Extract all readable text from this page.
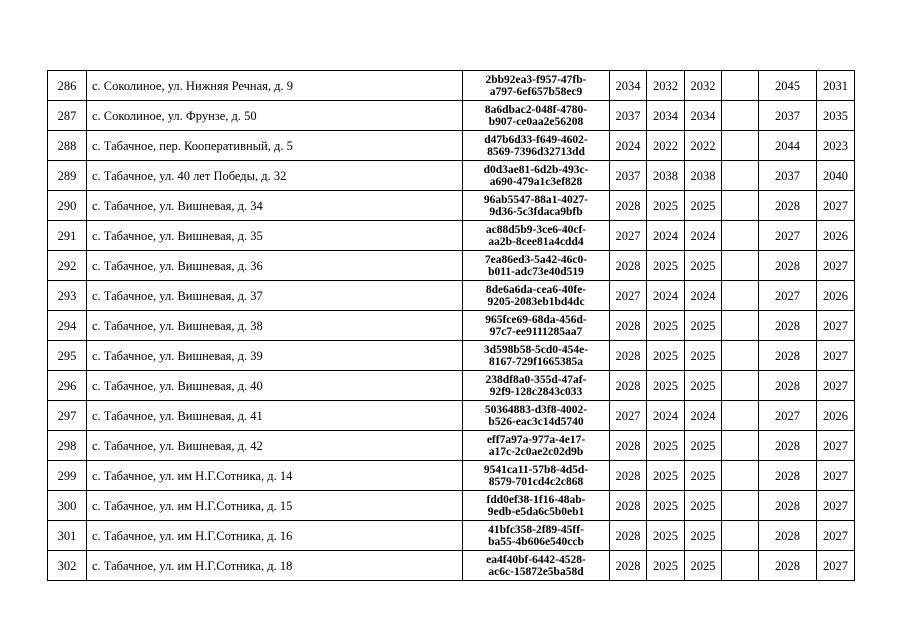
286	с. Соколиное, ул. Нижняя Речная, д. 9	2bb92ea3-f957-47fb-
a797-6ef657b58ec9	2034	2032	2032		2045	2031
287	с. Соколиное, ул. Фрунзе, д. 50	8a6dbac2-048f-4780-
b907-ce0aa2e56208	2037	2034	2034		2037	2035
288	с. Табачное, пер. Кооперативный, д. 5	d47b6d33-f649-4602-
8569-7396d32713dd	2024	2022	2022		2044	2023
289	с. Табачное, ул. 40 лет Победы, д. 32	d0d3ae81-6d2b-493c-
a690-479a1c3ef828	2037	2038	2038		2037	2040
290	с. Табачное, ул. Вишневая, д. 34	96ab5547-88a1-4027-
9d36-5c3fdaca9bfb	2028	2025	2025		2028	2027
291	с. Табачное, ул. Вишневая, д. 35	ac88d5b9-3ce6-40cf-
aa2b-8cee81a4cdd4	2027	2024	2024		2027	2026
292	с. Табачное, ул. Вишневая, д. 36	7ea86ed3-5a42-46c0-
b011-adc73e40d519	2028	2025	2025		2028	2027
293	с. Табачное, ул. Вишневая, д. 37	8de6a6da-cea6-40fe-
9205-2083eb1bd4dc	2027	2024	2024		2027	2026
294	с. Табачное, ул. Вишневая, д. 38	965fce69-68da-456d-
97c7-ee9111285aa7	2028	2025	2025		2028	2027
295	с. Табачное, ул. Вишневая, д. 39	3d598b58-5cd0-454e-
8167-729f1665385a	2028	2025	2025		2028	2027
296	с. Табачное, ул. Вишневая, д. 40	238df8a0-355d-47af-
92f9-128c2843c033	2028	2025	2025		2028	2027
297	с. Табачное, ул. Вишневая, д. 41	50364883-d3f8-4002-
b526-eac3c14d5740	2027	2024	2024		2027	2026
298	с. Табачное, ул. Вишневая, д. 42	eff7a97a-977a-4e17-
a17c-2c0ae2c02d9b	2028	2025	2025		2028	2027
299	с. Табачное, ул. им Н.Г.Сотника, д. 14	9541ca11-57b8-4d5d-
8579-701cd4c2c868	2028	2025	2025		2028	2027
300	с. Табачное, ул. им Н.Г.Сотника, д. 15	fdd0ef38-1f16-48ab-
9edb-e5da6c5b0eb1	2028	2025	2025		2028	2027
301	с. Табачное, ул. им Н.Г.Сотника, д. 16	41bfc358-2f89-45ff-
ba55-4b606e540ccb	2028	2025	2025		2028	2027
302	с. Табачное, ул. им Н.Г.Сотника, д. 18	ea4f40bf-6442-4528-
ac6c-15872e5ba58d	2028	2025	2025		2028	2027
